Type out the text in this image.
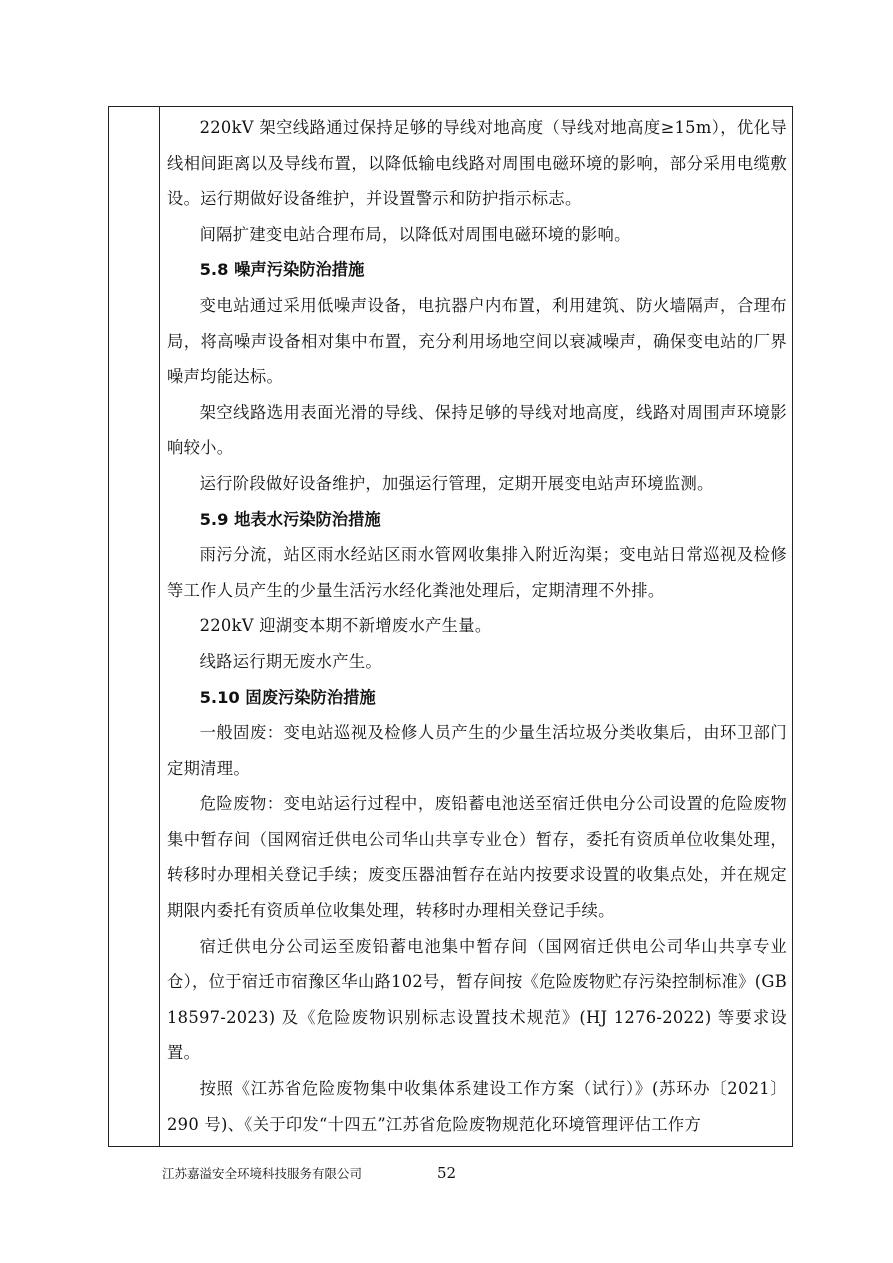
220kV 架空线路通过保持足够的导线对地高度（导线对地高度≥15m），优化导线相间距离以及导线布置，以降低输电线路对周围电磁环境的影响，部分采用电缆敷设。运行期做好设备维护，并设置警示和防护指示标志。

间隔扩建变电站合理布局，以降低对周围电磁环境的影响。

5.8 噪声污染防治措施

变电站通过采用低噪声设备，电抗器户内布置，利用建筑、防火墙隔声，合理布局，将高噪声设备相对集中布置，充分利用场地空间以衰减噪声，确保变电站的厂界噪声均能达标。

架空线路选用表面光滑的导线、保持足够的导线对地高度，线路对周围声环境影响较小。

运行阶段做好设备维护，加强运行管理，定期开展变电站声环境监测。

5.9 地表水污染防治措施

雨污分流，站区雨水经站区雨水管网收集排入附近沟渠；变电站日常巡视及检修等工作人员产生的少量生活污水经化粪池处理后，定期清理不外排。

220kV 迎湖变本期不新增废水产生量。

线路运行期无废水产生。

5.10 固废污染防治措施

一般固废：变电站巡视及检修人员产生的少量生活垃圾分类收集后，由环卫部门定期清理。

危险废物：变电站运行过程中，废铅蓄电池送至宿迁供电分公司设置的危险废物集中暂存间（国网宿迁供电公司华山共享专业仓）暂存，委托有资质单位收集处理，转移时办理相关登记手续；废变压器油暂存在站内按要求设置的收集点处，并在规定期限内委托有资质单位收集处理，转移时办理相关登记手续。

宿迁供电分公司运至废铅蓄电池集中暂存间（国网宿迁供电公司华山共享专业仓），位于宿迁市宿豫区华山路102号，暂存间按《危险废物贮存污染控制标准》(GB 18597-2023) 及《危险废物识别标志设置技术规范》(HJ 1276-2022) 等要求设置。

按照《江苏省危险废物集中收集体系建设工作方案（试行）》(苏环办〔2021〕290 号)、《关于印发“十四五”江苏省危险废物规范化环境管理评估工作方

江苏嘉溢安全环境科技服务有限公司	52
